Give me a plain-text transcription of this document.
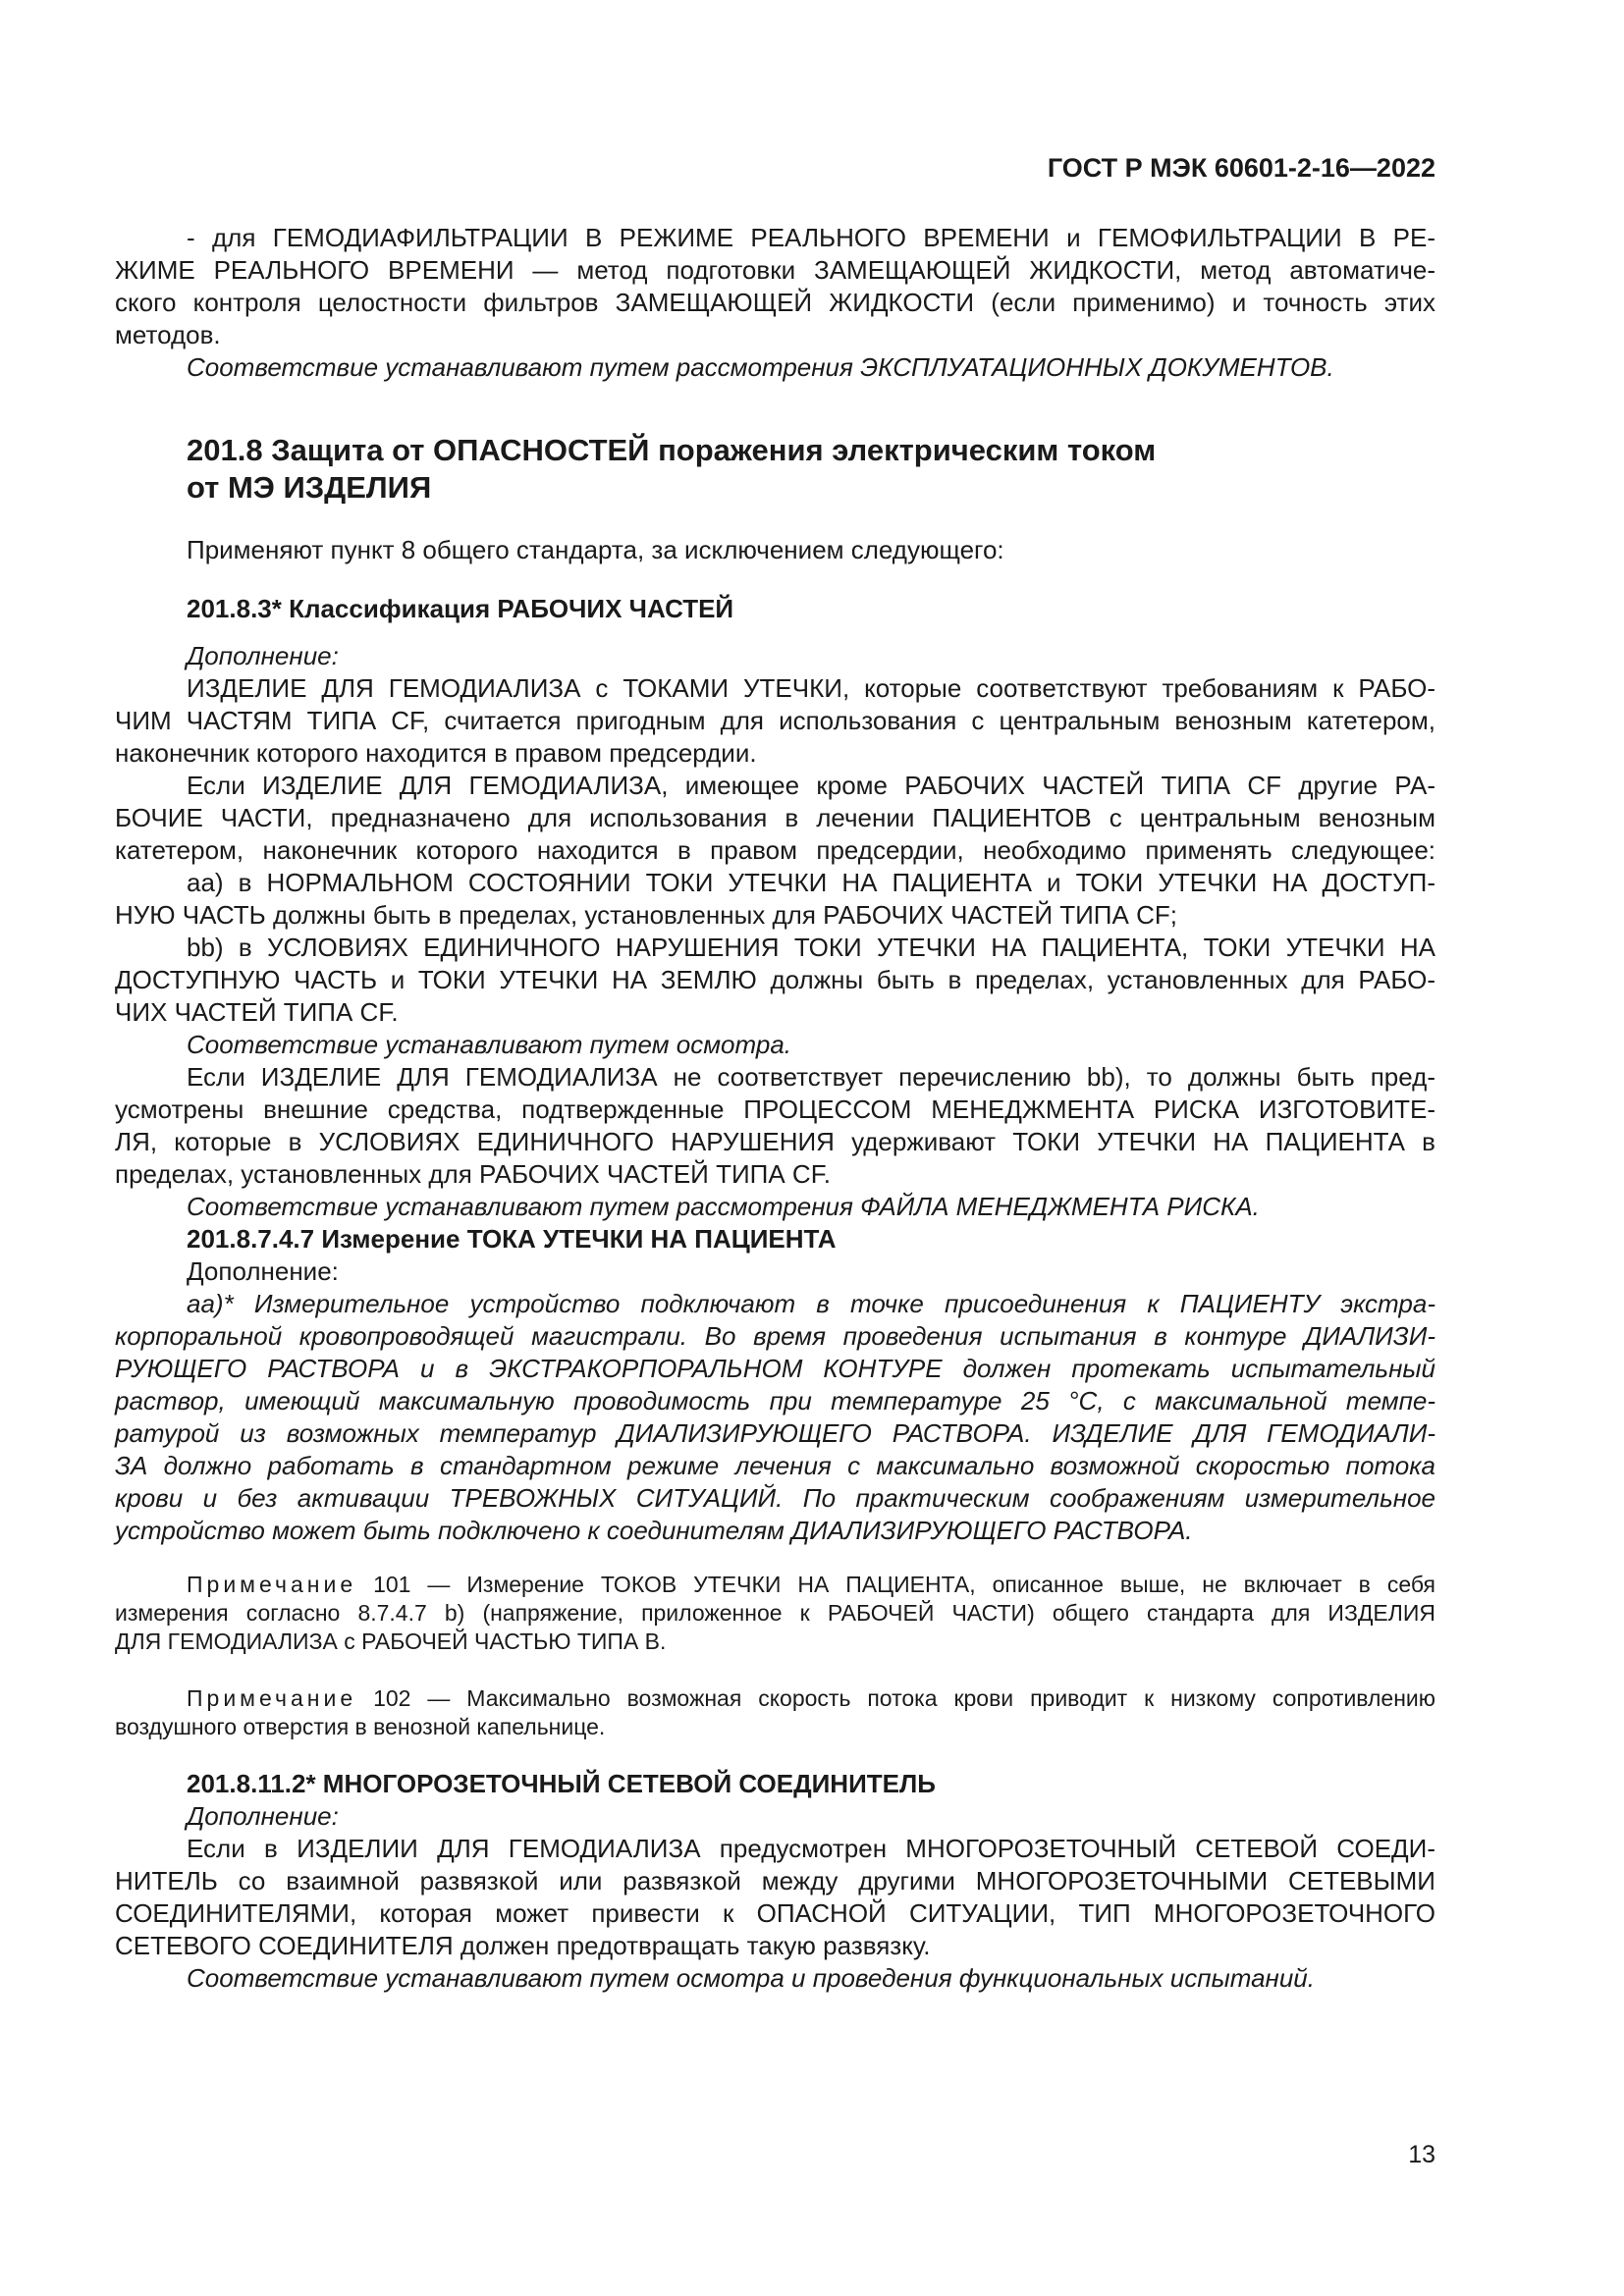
ГОСТ Р МЭК 60601-2-16—2022
- для ГЕМОДИАФИЛЬТРАЦИИ В РЕЖИМЕ РЕАЛЬНОГО ВРЕМЕНИ и ГЕМОФИЛЬТРАЦИИ В РЕ-
ЖИМЕ РЕАЛЬНОГО ВРЕМЕНИ — метод подготовки ЗАМЕЩАЮЩЕЙ ЖИДКОСТИ, метод автоматиче-
ского контроля целостности фильтров ЗАМЕЩАЮЩЕЙ ЖИДКОСТИ (если применимо) и точность этих
методов.
Соответствие устанавливают путем рассмотрения ЭКСПЛУАТАЦИОННЫХ ДОКУМЕНТОВ.
201.8 Защита от ОПАСНОСТЕЙ поражения электрическим током
от МЭ ИЗДЕЛИЯ
Применяют пункт 8 общего стандарта, за исключением следующего:
201.8.3* Классификация РАБОЧИХ ЧАСТЕЙ
Дополнение:
ИЗДЕЛИЕ ДЛЯ ГЕМОДИАЛИЗА с ТОКАМИ УТЕЧКИ, которые соответствуют требованиям к РАБО-
ЧИМ ЧАСТЯМ ТИПА CF, считается пригодным для использования с центральным венозным катетером,
наконечник которого находится в правом предсердии.
Если ИЗДЕЛИЕ ДЛЯ ГЕМОДИАЛИЗА, имеющее кроме РАБОЧИХ ЧАСТЕЙ ТИПА CF другие РА-
БОЧИЕ ЧАСТИ, предназначено для использования в лечении ПАЦИЕНТОВ с центральным венозным
катетером, наконечник которого находится в правом предсердии, необходимо применять следующее:
аа) в НОРМАЛЬНОМ СОСТОЯНИИ ТОКИ УТЕЧКИ НА ПАЦИЕНТА и ТОКИ УТЕЧКИ НА ДОСТУП-
НУЮ ЧАСТЬ должны быть в пределах, установленных для РАБОЧИХ ЧАСТЕЙ ТИПА CF;
bb) в УСЛОВИЯХ ЕДИНИЧНОГО НАРУШЕНИЯ ТОКИ УТЕЧКИ НА ПАЦИЕНТА, ТОКИ УТЕЧКИ НА
ДОСТУПНУЮ ЧАСТЬ и ТОКИ УТЕЧКИ НА ЗЕМЛЮ должны быть в пределах, установленных для РАБО-
ЧИХ ЧАСТЕЙ ТИПА CF.
Соответствие устанавливают путем осмотра.
Если ИЗДЕЛИЕ ДЛЯ ГЕМОДИАЛИЗА не соответствует перечислению bb), то должны быть пред-
усмотрены внешние средства, подтвержденные ПРОЦЕССОМ МЕНЕДЖМЕНТА РИСКА ИЗГОТОВИТЕ-
ЛЯ, которые в УСЛОВИЯХ ЕДИНИЧНОГО НАРУШЕНИЯ удерживают ТОКИ УТЕЧКИ НА ПАЦИЕНТА в
пределах, установленных для РАБОЧИХ ЧАСТЕЙ ТИПА CF.
Соответствие устанавливают путем рассмотрения ФАЙЛА МЕНЕДЖМЕНТА РИСКА.
201.8.7.4.7 Измерение ТОКА УТЕЧКИ НА ПАЦИЕНТА
Дополнение:
аа)* Измерительное устройство подключают в точке присоединения к ПАЦИЕНТУ экстра-
корпоральной кровопроводящей магистрали. Во время проведения испытания в контуре ДИАЛИЗИ-
РУЮЩЕГО РАСТВОРА и в ЭКСТРАКОРПОРАЛЬНОМ КОНТУРЕ должен протекать испытательный
раствор, имеющий максимальную проводимость при температуре 25 °С, с максимальной темпе-
ратурой из возможных температур ДИАЛИЗИРУЮЩЕГО РАСТВОРА. ИЗДЕЛИЕ ДЛЯ ГЕМОДИАЛИ-
ЗА должно работать в стандартном режиме лечения с максимально возможной скоростью потока
крови и без активации ТРЕВОЖНЫХ СИТУАЦИЙ. По практическим соображениям измерительное
устройство может быть подключено к соединителям ДИАЛИЗИРУЮЩЕГО РАСТВОРА.
Примечание 101 — Измерение ТОКОВ УТЕЧКИ НА ПАЦИЕНТА, описанное выше, не включает в себя
измерения согласно 8.7.4.7 b) (напряжение, приложенное к РАБОЧЕЙ ЧАСТИ) общего стандарта для ИЗДЕЛИЯ
ДЛЯ ГЕМОДИАЛИЗА с РАБОЧЕЙ ЧАСТЬЮ ТИПА В.
Примечание 102 — Максимально возможная скорость потока крови приводит к низкому сопротивлению
воздушного отверстия в венозной капельнице.
201.8.11.2* МНОГОРОЗЕТОЧНЫЙ СЕТЕВОЙ СОЕДИНИТЕЛЬ
Дополнение:
Если в ИЗДЕЛИИ ДЛЯ ГЕМОДИАЛИЗА предусмотрен МНОГОРОЗЕТОЧНЫЙ СЕТЕВОЙ СОЕДИ-
НИТЕЛЬ со взаимной развязкой или развязкой между другими МНОГОРОЗЕТОЧНЫМИ СЕТЕВЫМИ
СОЕДИНИТЕЛЯМИ, которая может привести к ОПАСНОЙ СИТУАЦИИ, ТИП МНОГОРОЗЕТОЧНОГО
СЕТЕВОГО СОЕДИНИТЕЛЯ должен предотвращать такую развязку.
Соответствие устанавливают путем осмотра и проведения функциональных испытаний.
13
